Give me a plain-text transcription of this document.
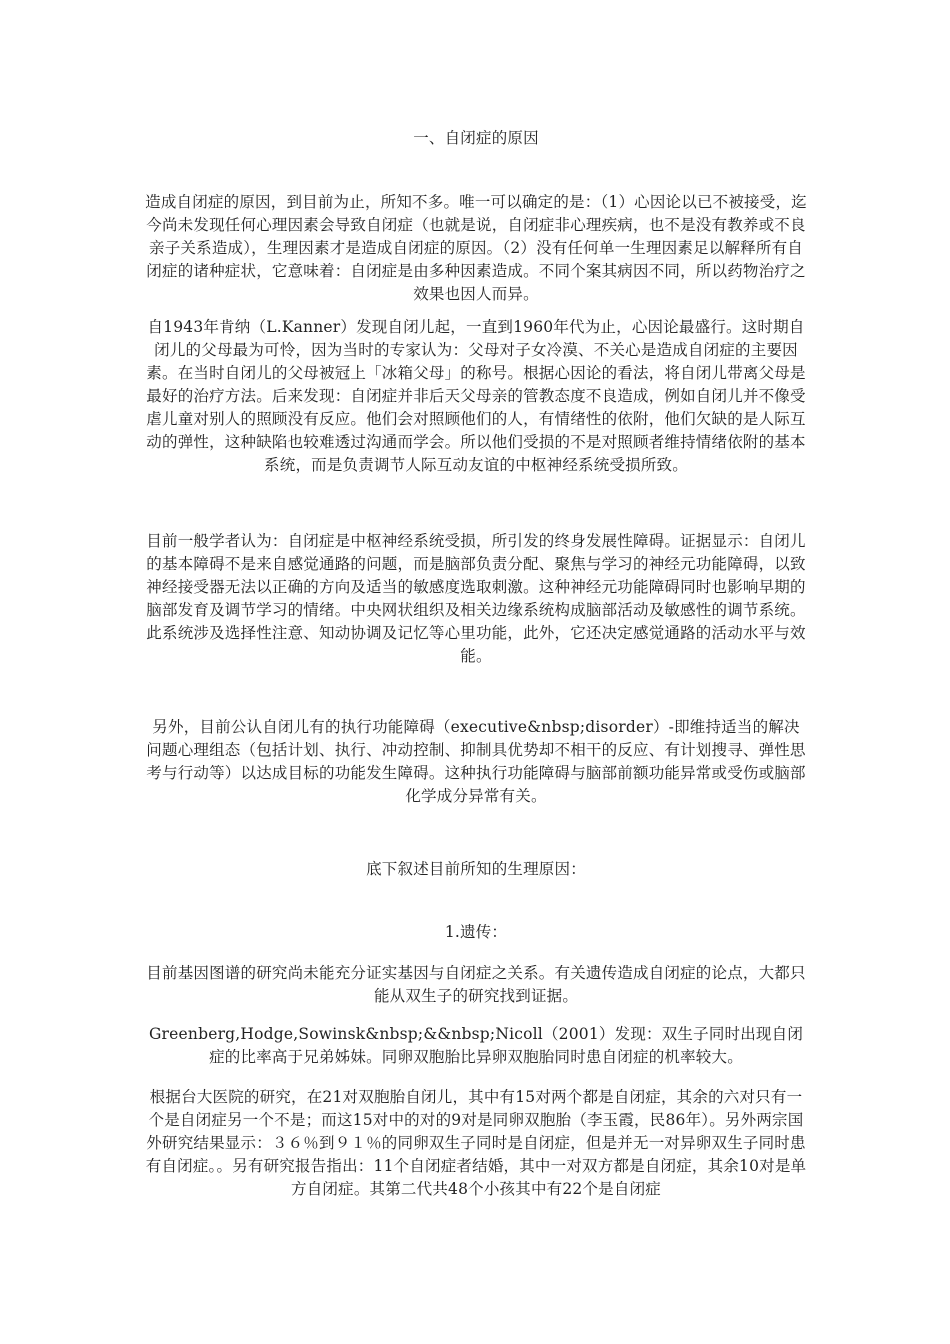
一、自闭症的原因

造成自闭症的原因，到目前为止，所知不多。唯一可以确定的是：（1）心因论以已不被接受，迄今尚未发现任何心理因素会导致自闭症（也就是说，自闭症非心理疾病，也不是没有教养或不良亲子关系造成），生理因素才是造成自闭症的原因。（2）没有任何单一生理因素足以解释所有自闭症的诸种症状，它意味着：自闭症是由多种因素造成。不同个案其病因不同，所以药物治疗之效果也因人而异。

自1943年肯纳（L.Kanner）发现自闭儿起，一直到1960年代为止，心因论最盛行。这时期自闭儿的父母最为可怜，因为当时的专家认为：父母对子女冷漠、不关心是造成自闭症的主要因素。在当时自闭儿的父母被冠上「冰箱父母」的称号。根据心因论的看法，将自闭儿带离父母是最好的治疗方法。后来发现：自闭症并非后天父母亲的管教态度不良造成，例如自闭儿并不像受虐儿童对别人的照顾没有反应。他们会对照顾他们的人，有情绪性的依附，他们欠缺的是人际互动的弹性，这种缺陷也较难透过沟通而学会。所以他们受损的不是对照顾者维持情绪依附的基本系统，而是负责调节人际互动友谊的中枢神经系统受损所致。

目前一般学者认为：自闭症是中枢神经系统受损，所引发的终身发展性障碍。证据显示：自闭儿的基本障碍不是来自感觉通路的问题，而是脑部负责分配、聚焦与学习的神经元功能障碍，以致神经接受器无法以正确的方向及适当的敏感度选取刺激。这种神经元功能障碍同时也影响早期的脑部发育及调节学习的情绪。中央网状组织及相关边缘系统构成脑部活动及敏感性的调节系统。此系统涉及选择性注意、知动协调及记忆等心里功能，此外，它还决定感觉通路的活动水平与效能。

另外，目前公认自闭儿有的执行功能障碍（executive&nbsp;disorder）-即维持适当的解决问题心理组态（包括计划、执行、冲动控制、抑制具优势却不相干的反应、有计划搜寻、弹性思考与行动等）以达成目标的功能发生障碍。这种执行功能障碍与脑部前额功能异常或受伤或脑部化学成分异常有关。

底下叙述目前所知的生理原因：

1.遗传：

目前基因图谱的研究尚未能充分证实基因与自闭症之关系。有关遗传造成自闭症的论点，大都只能从双生子的研究找到证据。

Greenberg,Hodge,Sowinsk&nbsp;&&nbsp;Nicoll（2001）发现：双生子同时出现自闭症的比率高于兄弟姊妹。同卵双胞胎比异卵双胞胎同时患自闭症的机率较大。

根据台大医院的研究，在21对双胞胎自闭儿，其中有15对两个都是自闭症，其余的六对只有一个是自闭症另一个不是；而这15对中的对的9对是同卵双胞胎（李玉霞，民86年）。另外两宗国外研究结果显示：３６％到９１％的同卵双生子同时是自闭症，但是并无一对异卵双生子同时患有自闭症。。另有研究报告指出：11个自闭症者结婚，其中一对双方都是自闭症，其余10对是单方自闭症。其第二代共48个小孩其中有22个是自闭症
